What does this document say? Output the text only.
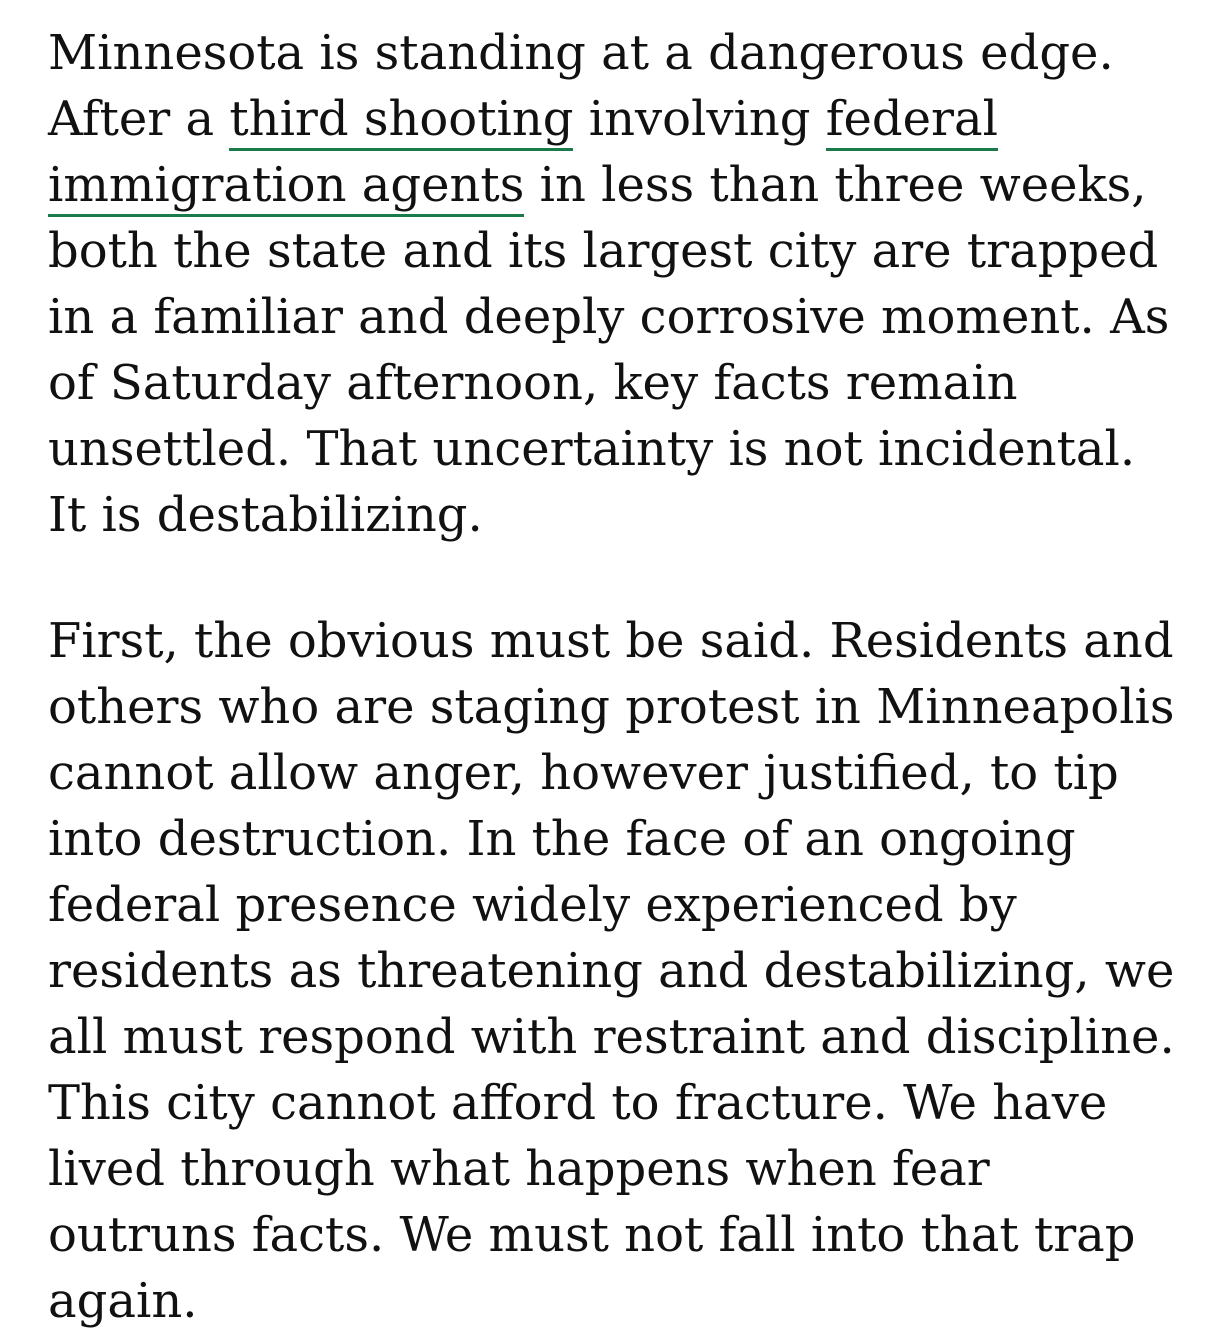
Minnesota is standing at a dangerous edge. After a third shooting involving federal immigration agents in less than three weeks, both the state and its largest city are trapped in a familiar and deeply corrosive moment. As of Saturday afternoon, key facts remain unsettled. That uncertainty is not incidental. It is destabilizing.

First, the obvious must be said. Residents and others who are staging protest in Minneapolis cannot allow anger, however justified, to tip into destruction. In the face of an ongoing federal presence widely experienced by residents as threatening and destabilizing, we all must respond with restraint and discipline. This city cannot afford to fracture. We have lived through what happens when fear outruns facts. We must not fall into that trap again.
